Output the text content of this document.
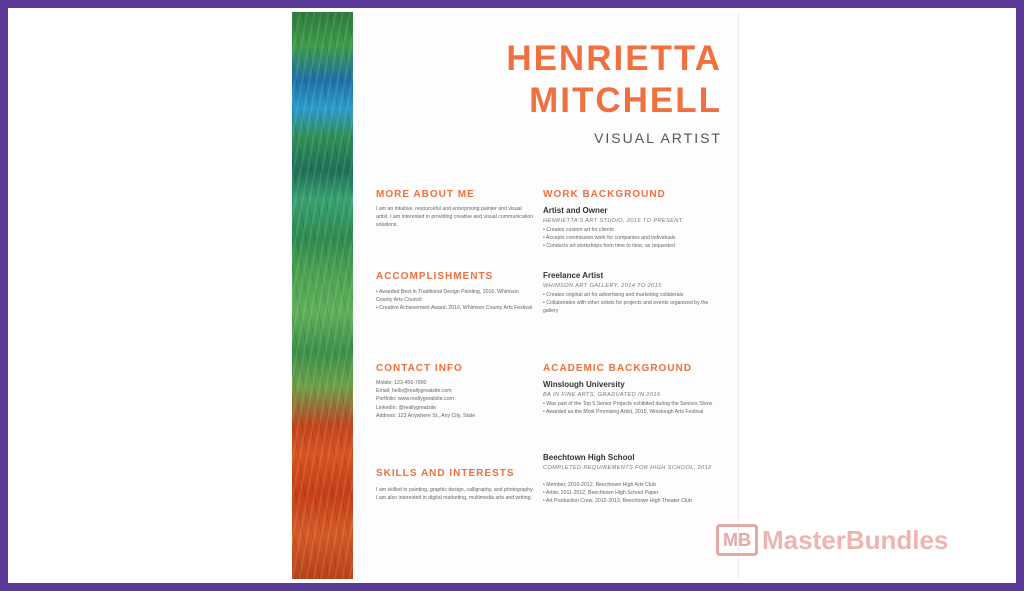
HENRIETTA
MITCHELL
VISUAL ARTIST
MORE ABOUT ME
I am an intuitive, resourceful and enterprising painter and visual artist. I am interested in providing creative and visual communication solutions.
ACCOMPLISHMENTS
• Awarded Best in Traditional Design Painting, 2016, Whimson County Arts Council
• Creative Achievement Award, 2016, Whimson County Arts Festival
CONTACT INFO
Mobile: 123-456-7890
Email: hello@reallygreatsite.com
Portfolio: www.reallygreatsite.com
LinkedIn: @reallygreatsite
Address: 123 Anywhere St., Any City, State
SKILLS AND INTERESTS
I am skilled in painting, graphic design, calligraphy, and photography. I am also interested in digital marketing, multimedia arts and writing.
WORK BACKGROUND
Artist and Owner
HENRIETTA'S ART STUDIO, 2016 TO PRESENT
• Creates custom art for clients
• Accepts commission work for companies and individuals
• Conducts art workshops from time to time, as requested
Freelance Artist
WHIMSON ART GALLERY, 2014 TO 2015
• Creates original art for advertising and marketing collaterals
• Collaborates with other artists for projects and events organized by the gallery
ACADEMIC BACKGROUND
Winslough University
BA IN FINE ARTS, GRADUATED IN 2016
• Was part of the Top 5 Senior Projects exhibited during the Seniors Show
• Awarded as the Most Promising Artist, 2015, Winslough Arts Festival
Beechtown High School
COMPLETED REQUIREMENTS FOR HIGH SCHOOL, 2012
• Member, 2010-2012, Beechtown High Arts Club
• Artist, 2011-2012, Beechtown High School Paper
• Art Production Crew, 2012-2013, Beechtown High Theater Club
MB MasterBundles
